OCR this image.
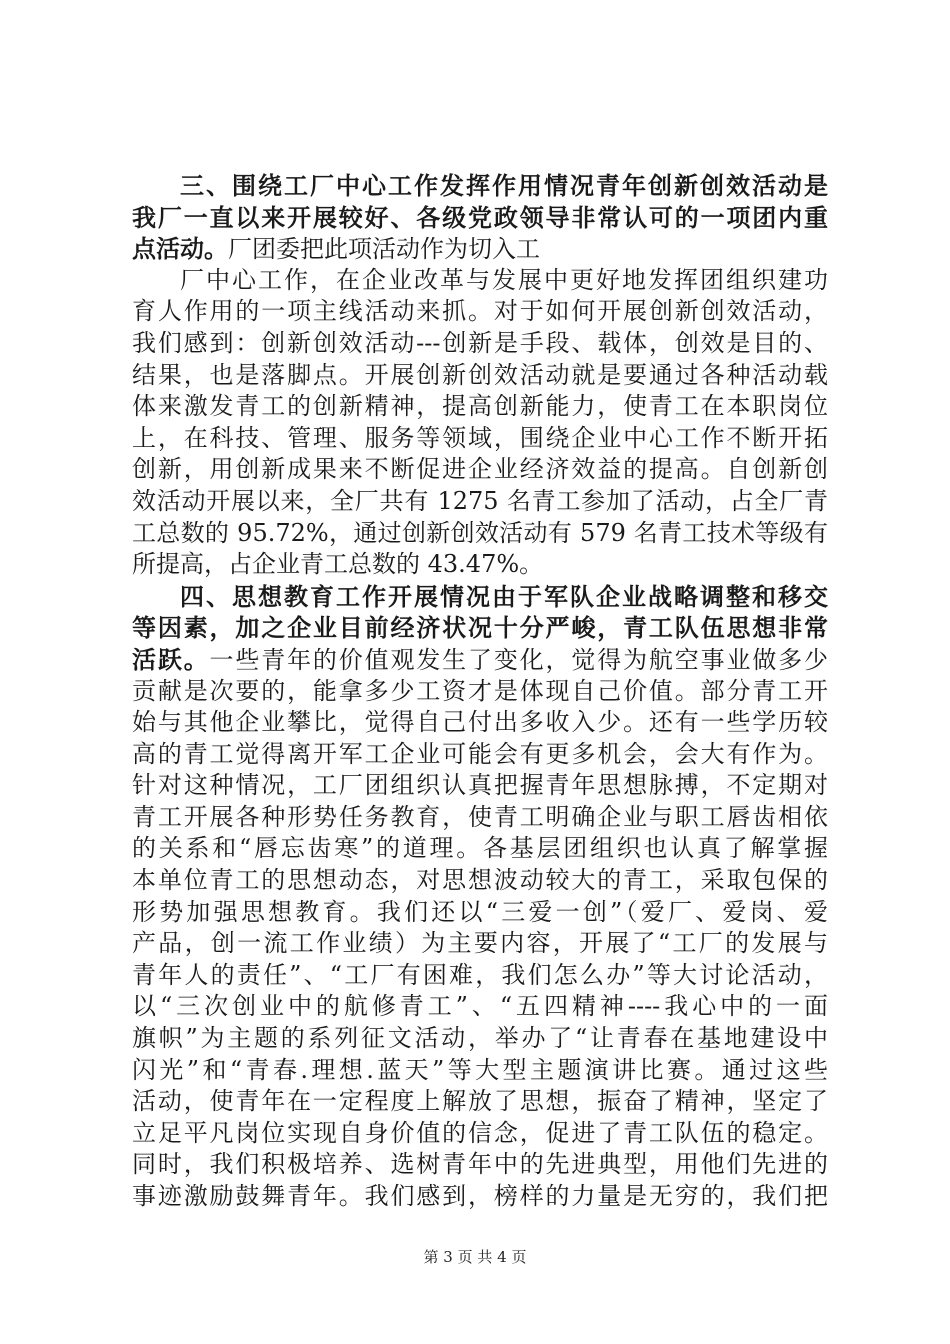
三、围绕工厂中心工作发挥作用情况青年创新创效活动是
我厂一直以来开展较好、各级党政领导非常认可的一项团内重
点活动。厂团委把此项活动作为切入工
厂中心工作，在企业改革与发展中更好地发挥团组织建功
育人作用的一项主线活动来抓。对于如何开展创新创效活动，
我们感到：创新创效活动---创新是手段、载体，创效是目的、
结果，也是落脚点。开展创新创效活动就是要通过各种活动载
体来激发青工的创新精神，提高创新能力，使青工在本职岗位
上，在科技、管理、服务等领域，围绕企业中心工作不断开拓
创新，用创新成果来不断促进企业经济效益的提高。自创新创
效活动开展以来，全厂共有 1275 名青工参加了活动，占全厂青
工总数的 95.72%，通过创新创效活动有 579 名青工技术等级有
所提高，占企业青工总数的 43.47%。
四、思想教育工作开展情况由于军队企业战略调整和移交
等因素，加之企业目前经济状况十分严峻，青工队伍思想非常
活跃。一些青年的价值观发生了变化，觉得为航空事业做多少
贡献是次要的，能拿多少工资才是体现自己价值。部分青工开
始与其他企业攀比，觉得自己付出多收入少。还有一些学历较
高的青工觉得离开军工企业可能会有更多机会，会大有作为。
针对这种情况，工厂团组织认真把握青年思想脉搏，不定期对
青工开展各种形势任务教育，使青工明确企业与职工唇齿相依
的关系和“唇忘齿寒”的道理。各基层团组织也认真了解掌握
本单位青工的思想动态，对思想波动较大的青工，采取包保的
形势加强思想教育。我们还以“三爱一创”（爱厂、爱岗、爱
产品，创一流工作业绩）为主要内容，开展了“工厂的发展与
青年人的责任”、“工厂有困难，我们怎么办”等大讨论活动，
以“三次创业中的航修青工”、“五四精神----我心中的一面
旗帜”为主题的系列征文活动，举办了“让青春在基地建设中
闪光”和“青春.理想.蓝天”等大型主题演讲比赛。通过这些
活动，使青年在一定程度上解放了思想，振奋了精神，坚定了
立足平凡岗位实现自身价值的信念，促进了青工队伍的稳定。
同时，我们积极培养、选树青年中的先进典型，用他们先进的
事迹激励鼓舞青年。我们感到，榜样的力量是无穷的，我们把
第 3 页 共 4 页
